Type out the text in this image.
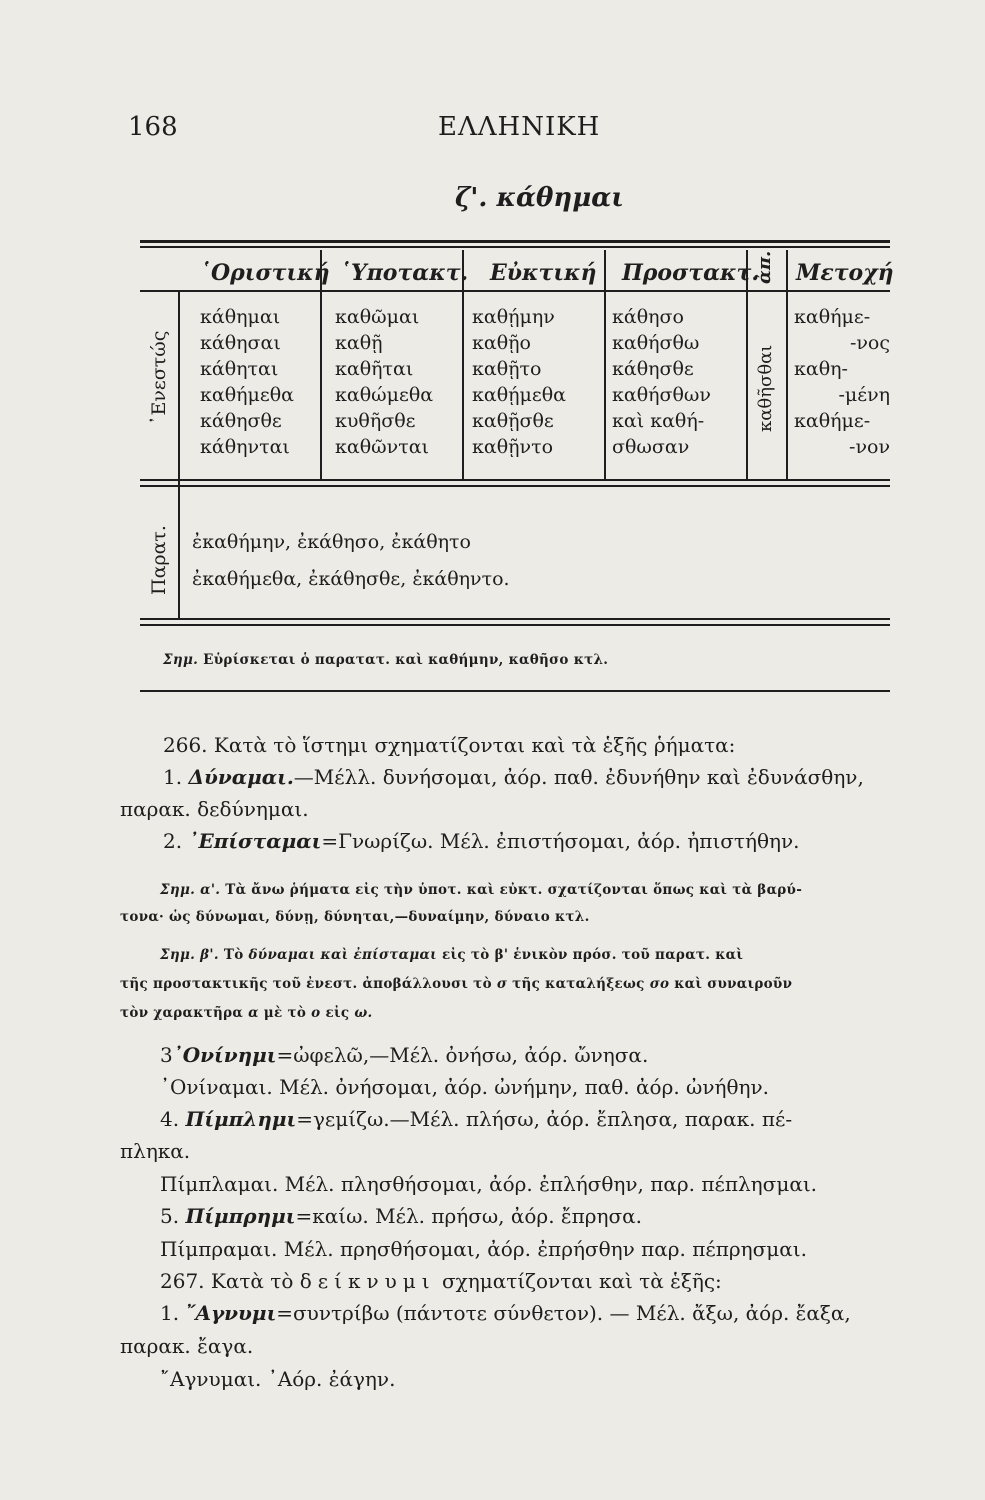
168	ΕΛΛΗΝΙΚΗ
ζ'. κάθημαι
῾Οριστική ῾Υποτακτ. Εὐκτική Προστακτ.
ἀπ. Μετοχή
᾿Ενεστώς
κάθημαι
κάθησαι
κάθηται
καθήμεθα
κάθησθε
κάθηνται
καθῶμαι
καθῇ
καθῆται
καθώμεθα
κυθῆσθε
καθῶνται
καθῄμην
καθῇο
καθῇτο
καθῄμεθα
καθῇσθε
καθῇντο
κάθησο
καθήσθω
κάθησθε
καθήσθων
καὶ καθή-
σθωσαν
καθῆσθαι
καθήμε-
-νος
καθη-
-μένη
καθήμε-
-νον
Παρατ. ἐκαθήμην, ἐκάθησο, ἐκάθητο
ἐκαθήμεθα, ἐκάθησθε, ἐκάθηντο.
Σημ. Εὑρίσκεται ὁ παρατατ. καὶ καθήμην, καθῆσο κτλ.
266. Κατὰ τὸ ἵστημι σχηματίζονται καὶ τὰ ἑξῆς ῥήματα:
1. Δύναμαι.—Μέλλ. δυνήσομαι, ἀόρ. παθ. ἐδυνήθην καὶ ἐδυνάσθην,
παρακ. δεδύνημαι.
2. ᾿Επίσταμαι=Γνωρίζω. Μέλ. ἐπιστήσομαι, ἀόρ. ἠπιστήθην.
Σημ. α'. Τὰ ἄνω ῥήματα εἰς τὴν ὑποτ. καὶ εὐκτ. σχατίζονται ὅπως καὶ τὰ βαρύ-
τονα· ὡς δύνωμαι, δύνῃ, δύνηται,—δυναίμην, δύναιο κτλ.
Σημ. β'. Τὸ δύναμαι καὶ ἐπίσταμαι εἰς τὸ β' ἑνικὸν πρόσ. τοῦ παρατ. καὶ
τῆς προστακτικῆς τοῦ ἐνεστ. ἀποβάλλουσι τὸ σ τῆς καταλήξεως σο καὶ συναιροῦν
τὸν χαρακτῆρα α μὲ τὸ ο εἰς ω.
3᾿Ονίνημι=ὠφελῶ,—Μέλ. ὀνήσω, ἀόρ. ὤνησα.
᾿Ονίναμαι. Μέλ. ὀνήσομαι, ἀόρ. ὠνήμην, παθ. ἀόρ. ὠνήθην.
4. Πίμπλημι=γεμίζω.—Μέλ. πλήσω, ἀόρ. ἔπλησα, παρακ. πέ-
πληκα.
Πίμπλαμαι. Μέλ. πλησθήσομαι, ἀόρ. ἐπλήσθην, παρ. πέπλησμαι.
5. Πίμπρημι=καίω. Μέλ. πρήσω, ἀόρ. ἔπρησα.
Πίμπραμαι. Μέλ. πρησθήσομαι, ἀόρ. ἐπρήσθην παρ. πέπρησμαι.
267. Κατὰ τὸ δείκνυμι σχηματίζονται καὶ τὰ ἑξῆς:
1. ῎Αγνυμι=συντρίβω (πάντοτε σύνθετον). — Μέλ. ἄξω, ἀόρ. ἔαξα,
παρακ. ἔαγα.
῎Αγνυμαι. ᾿Αόρ. ἐάγην.
